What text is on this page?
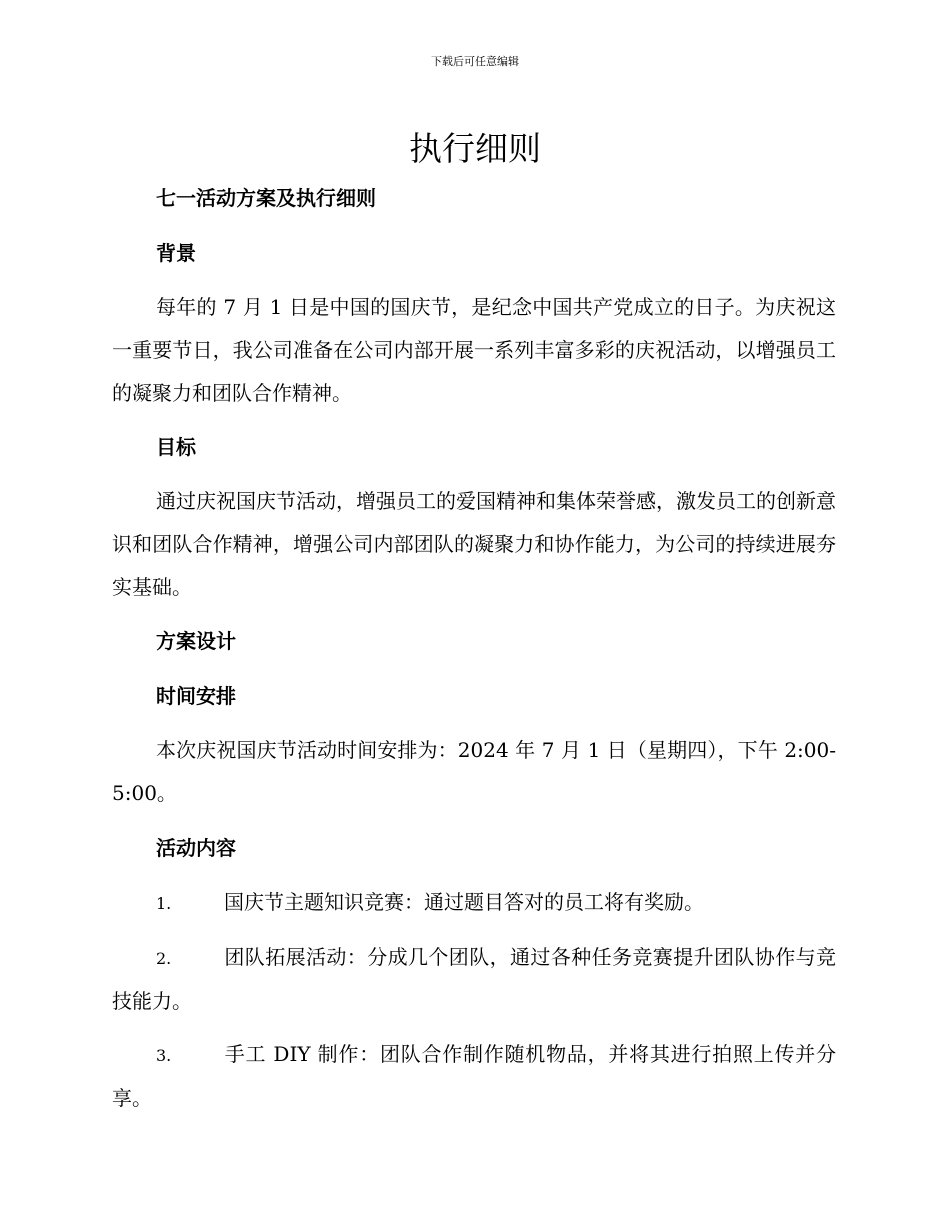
下载后可任意编辑
执行细则
七一活动方案及执行细则
背景

每年的 7 月 1 日是中国的国庆节，是纪念中国共产党成立的日子。为庆祝这一重要节日，我公司准备在公司内部开展一系列丰富多彩的庆祝活动，以增强员工的凝聚力和团队合作精神。

目标

通过庆祝国庆节活动，增强员工的爱国精神和集体荣誉感，激发员工的创新意识和团队合作精神，增强公司内部团队的凝聚力和协作能力，为公司的持续进展夯实基础。

方案设计
时间安排

本次庆祝国庆节活动时间安排为：2024 年 7 月 1 日（星期四），下午 2:00-5:00。

活动内容

1.	国庆节主题知识竞赛：通过题目答对的员工将有奖励。

2.	团队拓展活动：分成几个团队，通过各种任务竞赛提升团队协作与竞技能力。

3.	手工 DIY 制作：团队合作制作随机物品，并将其进行拍照上传并分享。
